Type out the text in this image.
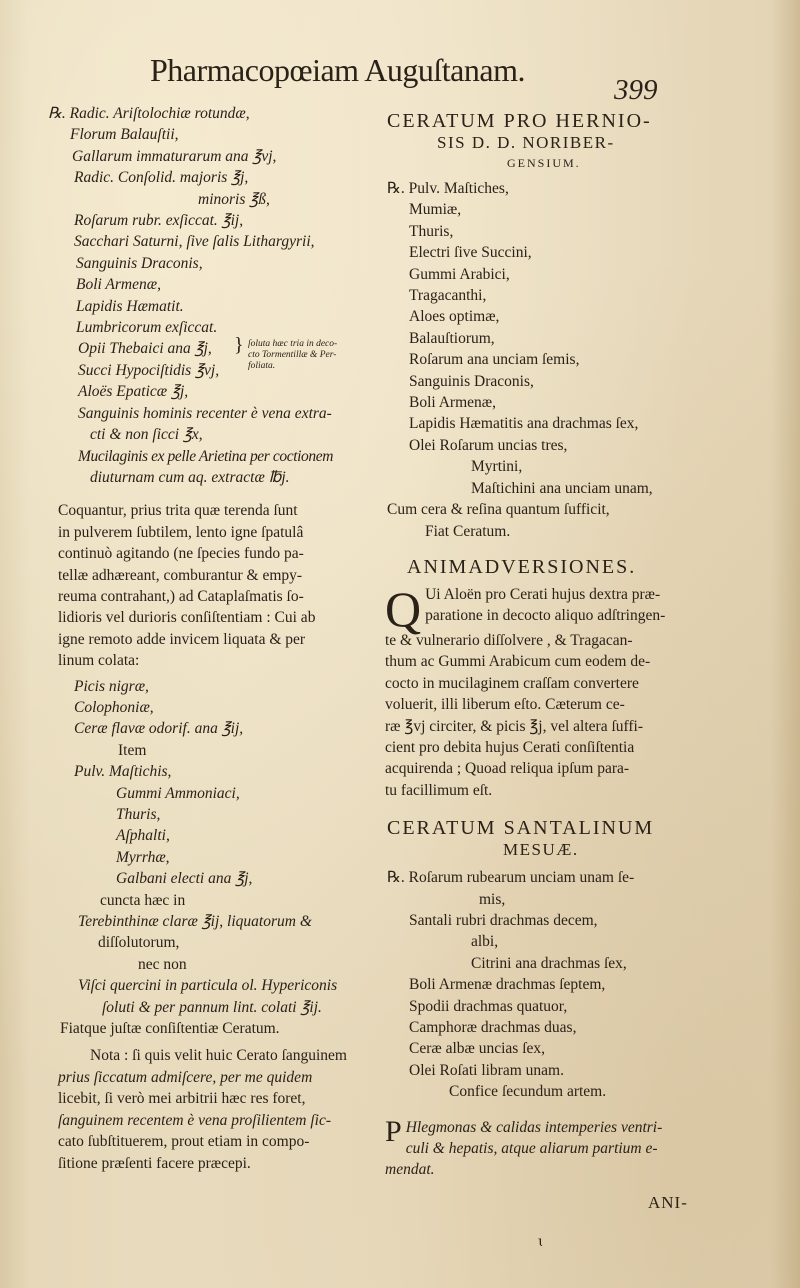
Pharmacopœiam Auguſtanam.
399
℞. Radic. Ariſtolochiæ rotundæ,
Florum Balauſtii,
Gallarum immaturarum ana ℥vj,
Radic. Conſolid. majoris ℥j,
minoris ℥ß,
Roſarum rubr. exſiccat. ℥ij,
Sacchari Saturni, ſive ſalis Lithargyrii,
Sanguinis Draconis,
Boli Armenæ,
Lapidis Hæmatit.
Lumbricorum exſiccat.
Opii Thebaici ana ℥j,
Succi Hypociſtidis ℥vj,
Aloës Epaticæ ℥j,
Sanguinis hominis recenter è vena extra-
cti & non ſicci ℥x,
Mucilaginis ex pelle Arietina per coctionem
diuturnam cum aq. extractæ ℔j.
} ſoluta hæc tria in deco-
cto Tormentillæ & Per-
foliata.
Coquantur, prius trita quæ terenda ſunt
in pulverem ſubtilem, lento igne ſpatulâ
continuò agitando (ne ſpecies fundo pa-
tellæ adhæreant, comburantur & empy-
reuma contrahant,) ad Cataplaſmatis ſo-
lidioris vel durioris conſiſtentiam : Cui ab
igne remoto adde invicem liquata & per
linum colata:
Picis nigræ,
Colophoniæ,
Ceræ flavæ odorif. ana ℥ij,
Item
Pulv. Maſtichis,
Gummi Ammoniaci,
Thuris,
Aſphalti,
Myrrhæ,
Galbani electi ana ℥j,
cuncta hæc in
Terebinthinæ claræ ℥ij, liquatorum &
diſſolutorum,
nec non
Viſci quercini in particula ol. Hypericonis
ſoluti & per pannum lint. colati ℥ij.
Fiatque juſtæ conſiſtentiæ Ceratum.
Nota : ſi quis velit huic Cerato ſanguinem
prius ſiccatum admiſcere, per me quidem
licebit, ſi verò mei arbitrii hæc res foret,
ſanguinem recentem è vena proſilientem ſic-
cato ſubſtituerem, prout etiam in compo-
ſitione præſenti facere præcepi.
CERATUM PRO HERNIO-
SIS D. D. NORIBER-
GENSIUM.
℞. Pulv. Maſtiches,
Mumiæ,
Thuris,
Electri ſive Succini,
Gummi Arabici,
Tragacanthi,
Aloes optimæ,
Balauſtiorum,
Roſarum ana unciam ſemis,
Sanguinis Draconis,
Boli Armenæ,
Lapidis Hæmatitis ana drachmas ſex,
Olei Roſarum uncias tres,
Myrtini,
Maſtichini ana unciam unam,
Cum cera & reſina quantum ſufficit,
Fiat Ceratum.
ANIMADVERSIONES.
Q Ui Aloën pro Cerati hujus dextra præ-
paratione in decocto aliquo adſtringen-
te & vulnerario diſſolvere , & Tragacan-
thum ac Gummi Arabicum cum eodem de-
cocto in mucilaginem craſſam convertere
voluerit, illi liberum eſto. Cæterum ce-
ræ ℥vj circiter, & picis ℥j, vel altera ſuffi-
cient pro debita hujus Cerati conſiſtentia
acquirenda ; Quoad reliqua ipſum para-
tu facillimum eſt.
CERATUM SANTALINUM
MESUÆ.
℞. Roſarum rubearum unciam unam ſe-
mis,
Santali rubri drachmas decem,
albi,
Citrini ana drachmas ſex,
Boli Armenæ drachmas ſeptem,
Spodii drachmas quatuor,
Camphoræ drachmas duas,
Ceræ albæ uncias ſex,
Olei Roſati libram unam.
Confice ſecundum artem.
P Hlegmonas & calidas intemperies ventri-
culi & hepatis, atque aliarum partium e-
mendat.
ANI-
ɩ
